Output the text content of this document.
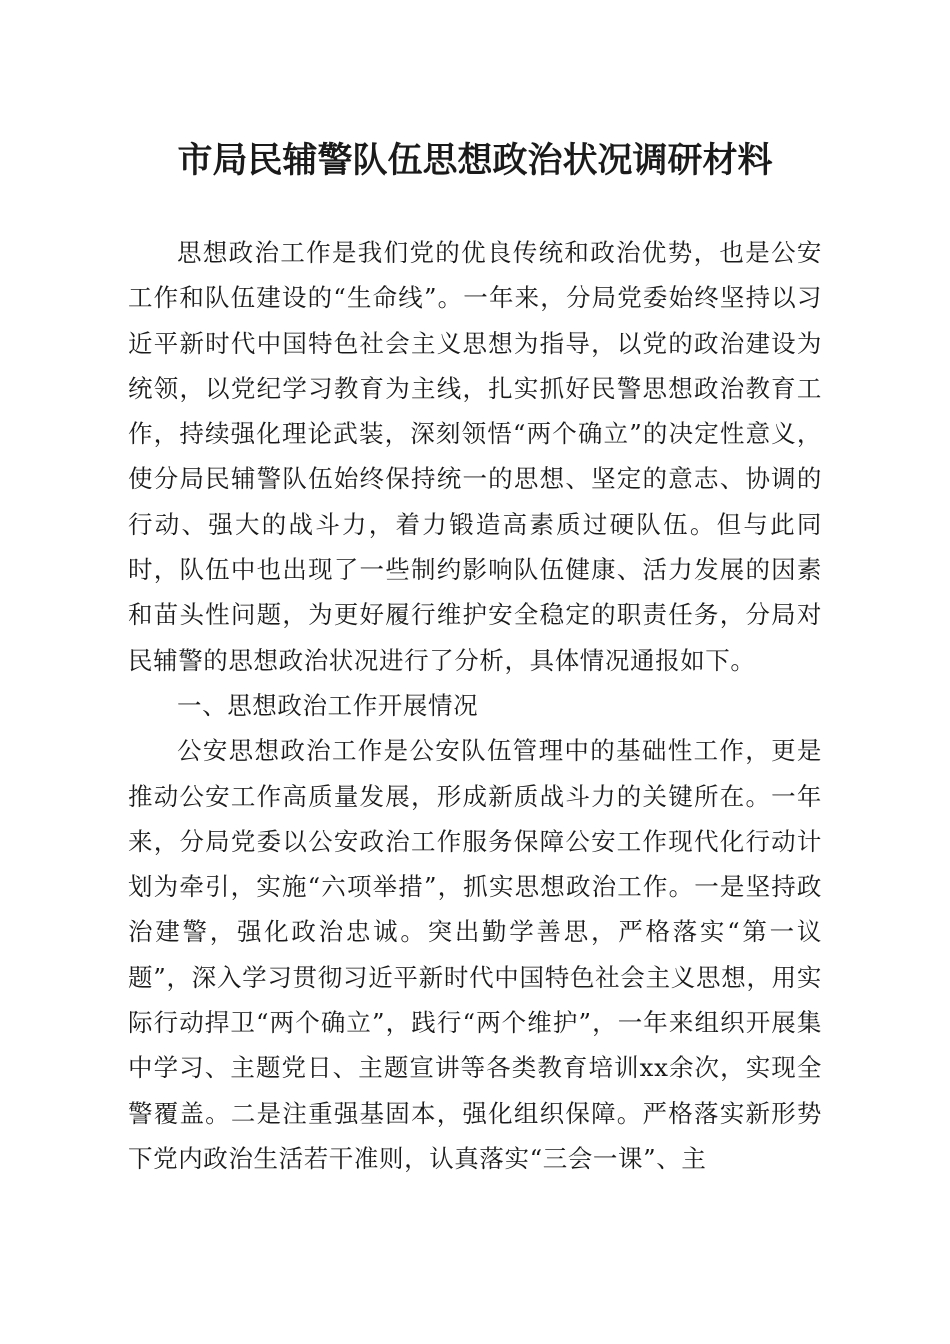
市局民辅警队伍思想政治状况调研材料

思想政治工作是我们党的优良传统和政治优势，也是公安工作和队伍建设的“生命线”。一年来，分局党委始终坚持以习近平新时代中国特色社会主义思想为指导，以党的政治建设为统领，以党纪学习教育为主线，扎实抓好民警思想政治教育工作，持续强化理论武装，深刻领悟“两个确立”的决定性意义，使分局民辅警队伍始终保持统一的思想、坚定的意志、协调的行动、强大的战斗力，着力锻造高素质过硬队伍。但与此同时，队伍中也出现了一些制约影响队伍健康、活力发展的因素和苗头性问题，为更好履行维护安全稳定的职责任务，分局对民辅警的思想政治状况进行了分析，具体情况通报如下。

一、思想政治工作开展情况

公安思想政治工作是公安队伍管理中的基础性工作，更是推动公安工作高质量发展，形成新质战斗力的关键所在。一年来，分局党委以公安政治工作服务保障公安工作现代化行动计划为牵引，实施“六项举措”，抓实思想政治工作。一是坚持政治建警，强化政治忠诚。突出勤学善思，严格落实“第一议题”，深入学习贯彻习近平新时代中国特色社会主义思想，用实际行动捍卫“两个确立”，践行“两个维护”，一年来组织开展集中学习、主题党日、主题宣讲等各类教育培训xx余次，实现全警覆盖。二是注重强基固本，强化组织保障。严格落实新形势下党内政治生活若干准则，认真落实“三会一课”、主
